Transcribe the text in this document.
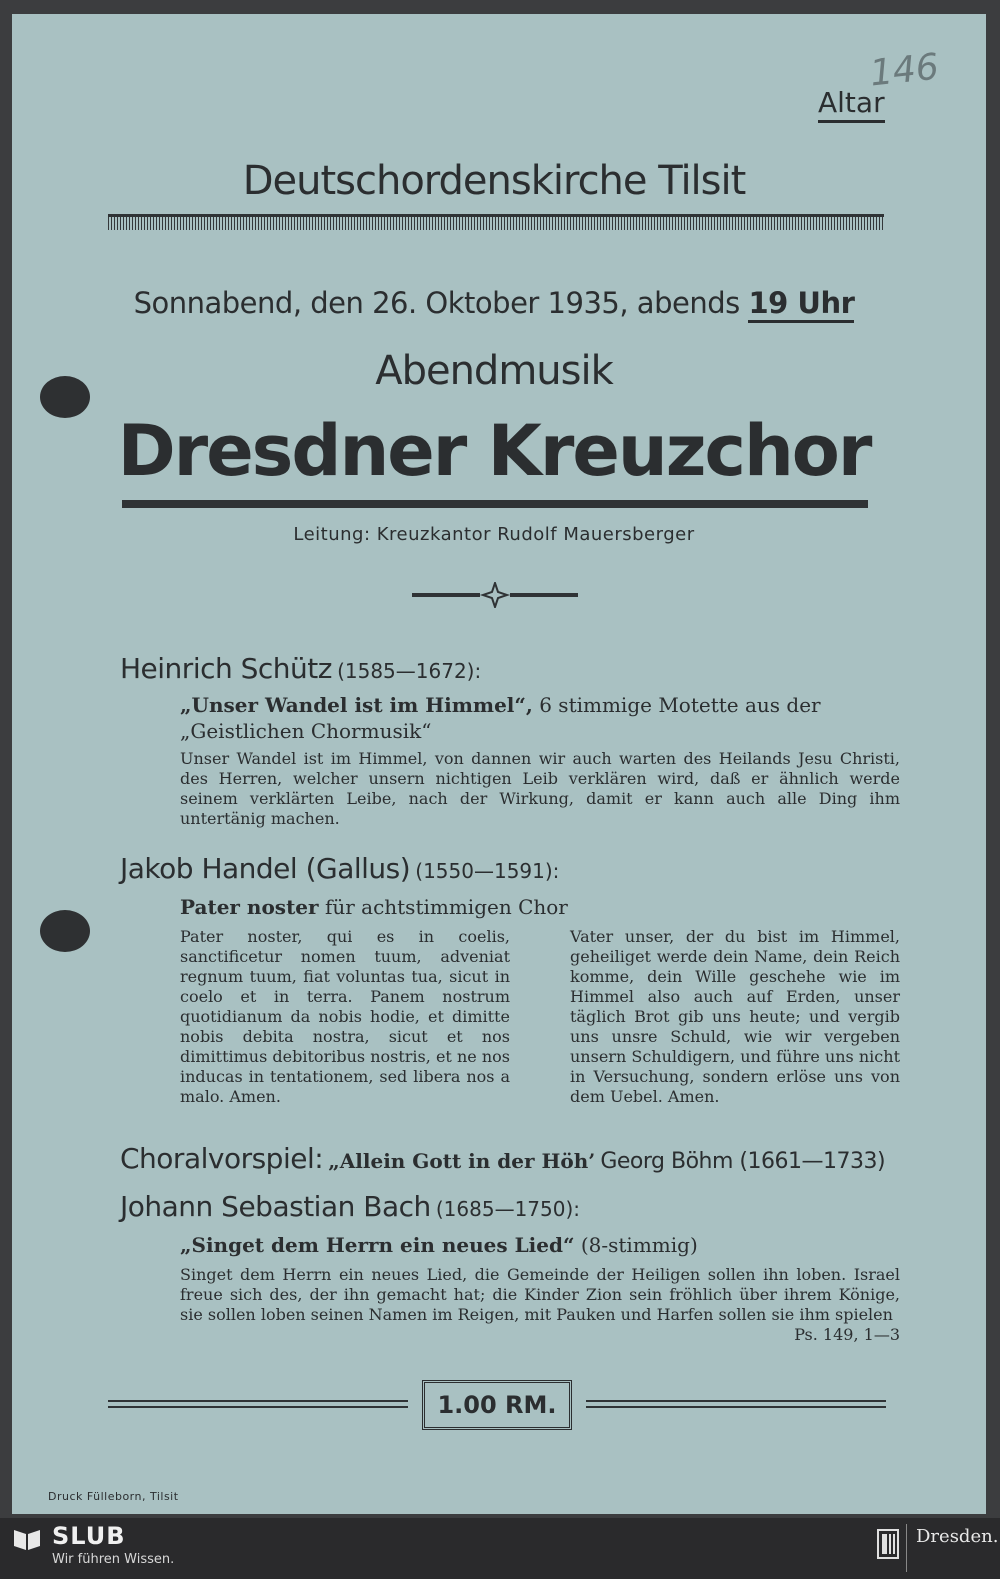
146
Altar
Deutschordenskirche Tilsit
Sonnabend, den 26. Oktober 1935, abends 19 Uhr
Abendmusik
Dresdner Kreuzchor
Leitung: Kreuzkantor Rudolf Mauersberger
Heinrich Schütz (1585—1672):
„Unser Wandel ist im Himmel“, 6 stimmige Motette aus der
„Geistlichen Chormusik“
Unser Wandel ist im Himmel, von dannen wir auch warten des Heilands Jesu Christi, des Herren, welcher unsern nichtigen Leib verklären wird, daß er ähnlich werde seinem verklärten Leibe, nach der Wirkung, damit er kann auch alle Ding ihm untertänig machen.
Jakob Handel (Gallus) (1550—1591):
Pater noster für achtstimmigen Chor
Pater noster, qui es in coelis, sanctificetur nomen tuum, adveniat regnum tuum, fiat voluntas tua, sicut in coelo et in terra. Panem nostrum quotidianum da nobis hodie, et dimitte nobis debita nostra, sicut et nos dimittimus debitoribus nostris, et ne nos inducas in tentationem, sed libera nos a malo. Amen.
Vater unser, der du bist im Himmel, geheiliget werde dein Name, dein Reich komme, dein Wille geschehe wie im Himmel also auch auf Erden, unser täglich Brot gib uns heute; und vergib uns unsre Schuld, wie wir vergeben unsern Schuldigern, und führe uns nicht in Versuchung, sondern erlöse uns von dem Uebel. Amen.
Choralvorspiel: „Allein Gott in der Höh’ Georg Böhm (1661—1733)
Johann Sebastian Bach (1685—1750):
„Singet dem Herrn ein neues Lied“ (8-stimmig)
Singet dem Herrn ein neues Lied, die Gemeinde der Heiligen sollen ihn loben. Israel freue sich des, der ihn gemacht hat; die Kinder Zion sein fröhlich über ihrem Könige, sie sollen loben seinen Namen im Reigen, mit Pauken und Harfen sollen sie ihm spielen
Ps. 149, 1—3
1.00 RM.
Druck Fülleborn, Tilsit
SLUB
Wir führen Wissen.
Dresden.
